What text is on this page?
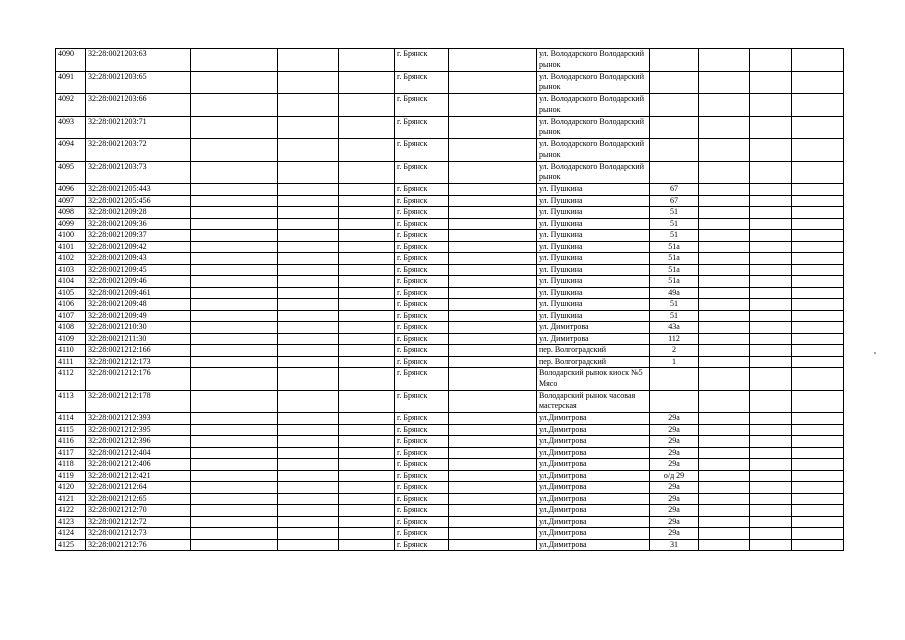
4090	32:28:0021203:63				г. Брянск		ул. Володарского Володарский рынок				
4091	32:28:0021203:65				г. Брянск		ул. Володарского Володарский рынок				
4092	32:28:0021203:66				г. Брянск		ул. Володарского Володарский рынок				
4093	32:28:0021203:71				г. Брянск		ул. Володарского Володарский рынок				
4094	32:28:0021203:72				г. Брянск		ул. Володарского Володарский рынок				
4095	32:28:0021203:73				г. Брянск		ул. Володарского Володарский рынок				
4096	32:28:0021205:443				г. Брянск		ул. Пушкина	67			
4097	32:28:0021205:456				г. Брянск		ул. Пушкина	67			
4098	32:28:0021209:28				г. Брянск		ул. Пушкина	51			
4099	32:28:0021209:36				г. Брянск		ул. Пушкина	51			
4100	32:28:0021209:37				г. Брянск		ул. Пушкина	51			
4101	32:28:0021209:42				г. Брянск		ул. Пушкина	51а			
4102	32:28:0021209:43				г. Брянск		ул. Пушкина	51а			
4103	32:28:0021209:45				г. Брянск		ул. Пушкина	51а			
4104	32:28:0021209:46				г. Брянск		ул. Пушкина	51а			
4105	32:28:0021209:461				г. Брянск		ул. Пушкина	49а			
4106	32:28:0021209:48				г. Брянск		ул. Пушкина	51			
4107	32:28:0021209:49				г. Брянск		ул. Пушкина	51			
4108	32:28:0021210:30				г. Брянск		ул. Димитрова	43а			
4109	32:28:0021211:30				г. Брянск		ул. Димитрова	112			
4110	32:28:0021212:166				г. Брянск		пер. Волгоградский	2			
4111	32:28:0021212:173				г. Брянск		пер. Волгоградский	1			
4112	32:28:0021212:176				г. Брянск		Володарский рынок киоск №5 Мясо				
4113	32:28:0021212:178				г. Брянск		Володарский рынок часовая мастерская				
4114	32:28:0021212:393				г. Брянск		ул.Димитрова	29а			
4115	32:28:0021212:395				г. Брянск		ул.Димитрова	29а			
4116	32:28:0021212:396				г. Брянск		ул.Димитрова	29а			
4117	32:28:0021212:404				г. Брянск		ул.Димитрова	29а			
4118	32:28:0021212:406				г. Брянск		ул.Димитрова	29а			
4119	32:28:0021212:421				г. Брянск		ул.Димитрова	о/д 29			
4120	32:28:0021212:64				г. Брянск		ул.Димитрова	29а			
4121	32:28:0021212:65				г. Брянск		ул.Димитрова	29а			
4122	32:28:0021212:70				г. Брянск		ул.Димитрова	29а			
4123	32:28:0021212:72				г. Брянск		ул.Димитрова	29а			
4124	32:28:0021212:73				г. Брянск		ул.Димитрова	29а			
4125	32:28:0021212:76				г. Брянск		ул.Димитрова	31			
